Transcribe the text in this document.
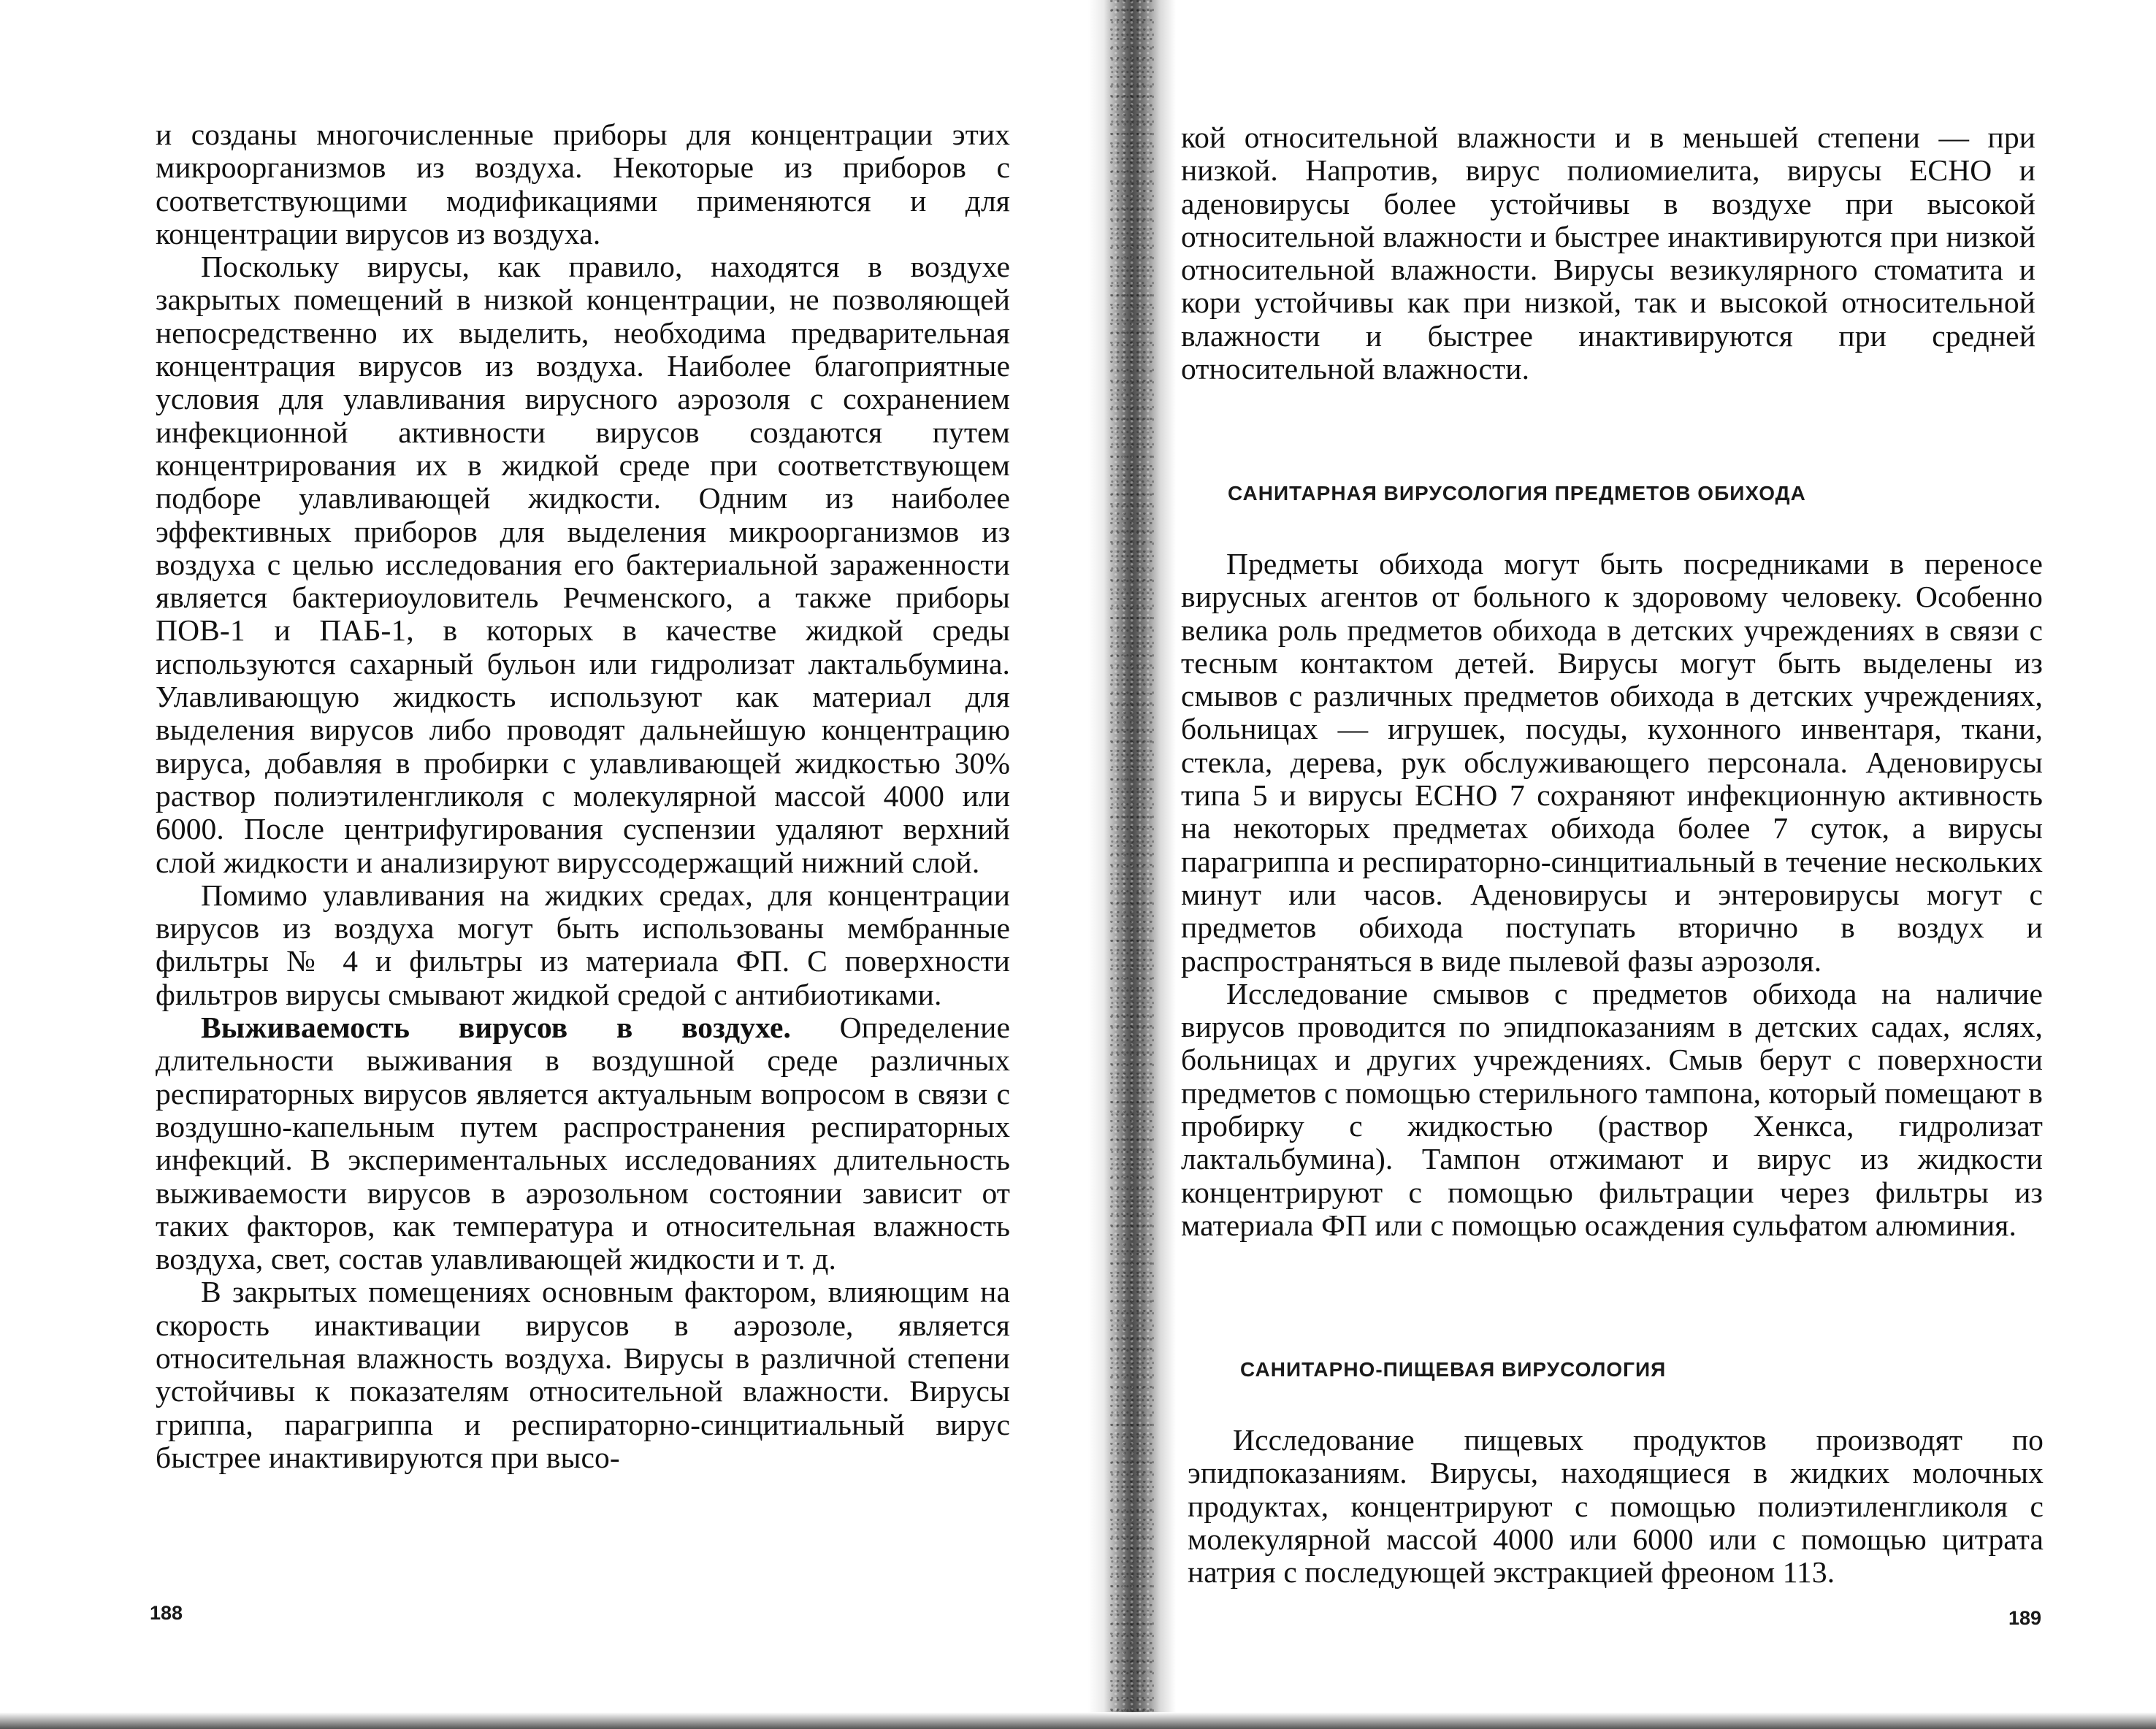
и созданы многочисленные приборы для концентрации этих микроорганизмов из воздуха. Некоторые из приборов с соответствующими модификациями применяются и для концентрации вирусов из воздуха.

Поскольку вирусы, как правило, находятся в воздухе закрытых помещений в низкой концентрации, не позволяющей непосредственно их выделить, необходима предварительная концентрация вирусов из воздуха. Наиболее благоприятные условия для улавливания вирусного аэрозоля с сохранением инфекционной активности вирусов создаются путем концентрирования их в жидкой среде при соответствующем подборе улавливающей жидкости. Одним из наиболее эффективных приборов для выделения микроорганизмов из воздуха с целью исследования его бактериальной зараженности является бактериоуловитель Речменского, а также приборы ПОВ-1 и ПАБ-1, в которых в качестве жидкой среды используются сахарный бульон или гидролизат лактальбумина. Улавливающую жидкость используют как материал для выделения вирусов либо проводят дальнейшую концентрацию вируса, добавляя в пробирки с улавливающей жидкостью 30% раствор полиэтиленгликоля с молекулярной массой 4000 или 6000. После центрифугирования суспензии удаляют верхний слой жидкости и анализируют вируссодержащий нижний слой.

Помимо улавливания на жидких средах, для концентрации вирусов из воздуха могут быть использованы мембранные фильтры № 4 и фильтры из материала ФП. С поверхности фильтров вирусы смывают жидкой средой с антибиотиками.

Выживаемость вирусов в воздухе. Определение длительности выживания в воздушной среде различных респираторных вирусов является актуальным вопросом в связи с воздушно-капельным путем распространения респираторных инфекций. В экспериментальных исследованиях длительность выживаемости вирусов в аэрозольном состоянии зависит от таких факторов, как температура и относительная влажность воздуха, свет, состав улавливающей жидкости и т. д.

В закрытых помещениях основным фактором, влияющим на скорость инактивации вирусов в аэрозоле, является относительная влажность воздуха. Вирусы в различной степени устойчивы к показателям относительной влажности. Вирусы гриппа, парагриппа и респираторно-синцитиальный вирус быстрее инактивируются при высо-

188

кой относительной влажности и в меньшей степени — при низкой. Напротив, вирус полиомиелита, вирусы ЕСНО и аденовирусы более устойчивы в воздухе при высокой относительной влажности и быстрее инактивируются при низкой относительной влажности. Вирусы везикулярного стоматита и кори устойчивы как при низкой, так и высокой относительной влажности и быстрее инактивируются при средней относительной влажности.

САНИТАРНАЯ ВИРУСОЛОГИЯ ПРЕДМЕТОВ ОБИХОДА

Предметы обихода могут быть посредниками в переносе вирусных агентов от больного к здоровому человеку. Особенно велика роль предметов обихода в детских учреждениях в связи с тесным контактом детей. Вирусы могут быть выделены из смывов с различных предметов обихода в детских учреждениях, больницах — игрушек, посуды, кухонного инвентаря, ткани, стекла, дерева, рук обслуживающего персонала. Аденовирусы типа 5 и вирусы ЕСНО 7 сохраняют инфекционную активность на некоторых предметах обихода более 7 суток, а вирусы парагриппа и респираторно-синцитиальный в течение нескольких минут или часов. Аденовирусы и энтеровирусы могут с предметов обихода поступать вторично в воздух и распространяться в виде пылевой фазы аэрозоля.

Исследование смывов с предметов обихода на наличие вирусов проводится по эпидпоказаниям в детских садах, яслях, больницах и других учреждениях. Смыв берут с поверхности предметов с помощью стерильного тампона, который помещают в пробирку с жидкостью (раствор Хенкса, гидролизат лактальбумина). Тампон отжимают и вирус из жидкости концентрируют с помощью фильтрации через фильтры из материала ФП или с помощью осаждения сульфатом алюминия.

САНИТАРНО-ПИЩЕВАЯ ВИРУСОЛОГИЯ

Исследование пищевых продуктов производят по эпидпоказаниям. Вирусы, находящиеся в жидких молочных продуктах, концентрируют с помощью полиэтиленгликоля с молекулярной массой 4000 или 6000 или с помощью цитрата натрия с последующей экстракцией фреоном 113.

189
